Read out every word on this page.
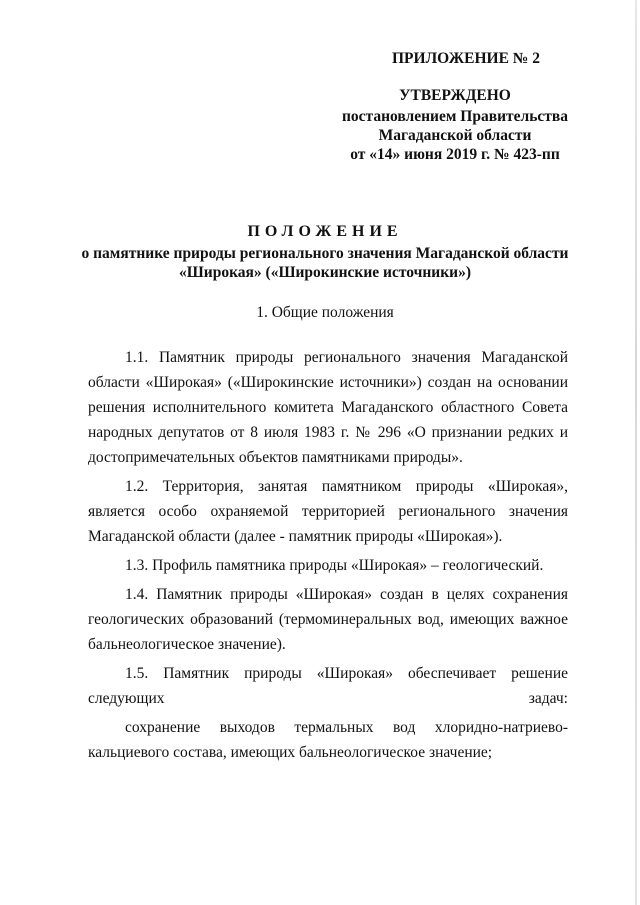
ПРИЛОЖЕНИЕ № 2
УТВЕРЖДЕНО
постановлением Правительства
Магаданской области
от «14» июня 2019 г. № 423-пп
ПОЛОЖЕНИЕ
о памятнике природы регионального значения Магаданской области
«Широкая» («Широкинские источники»)
1. Общие положения

1.1. Памятник природы регионального значения Магаданской области «Широкая» («Широкинские источники») создан на основании решения исполнительного комитета Магаданского областного Совета народных депутатов от 8 июля 1983 г. № 296 «О признании редких и достопримечательных объектов памятниками природы».

1.2. Территория, занятая памятником природы «Широкая», является особо охраняемой территорией регионального значения Магаданской области (далее - памятник природы «Широкая»).

1.3. Профиль памятника природы «Широкая» – геологический.

1.4. Памятник природы «Широкая» создан в целях сохранения геологических образований (термоминеральных вод, имеющих важное бальнеологическое значение).

1.5. Памятник природы «Широкая» обеспечивает решение следующих задач:

сохранение выходов термальных вод хлоридно-натриево-кальциевого состава, имеющих бальнеологическое значение;
